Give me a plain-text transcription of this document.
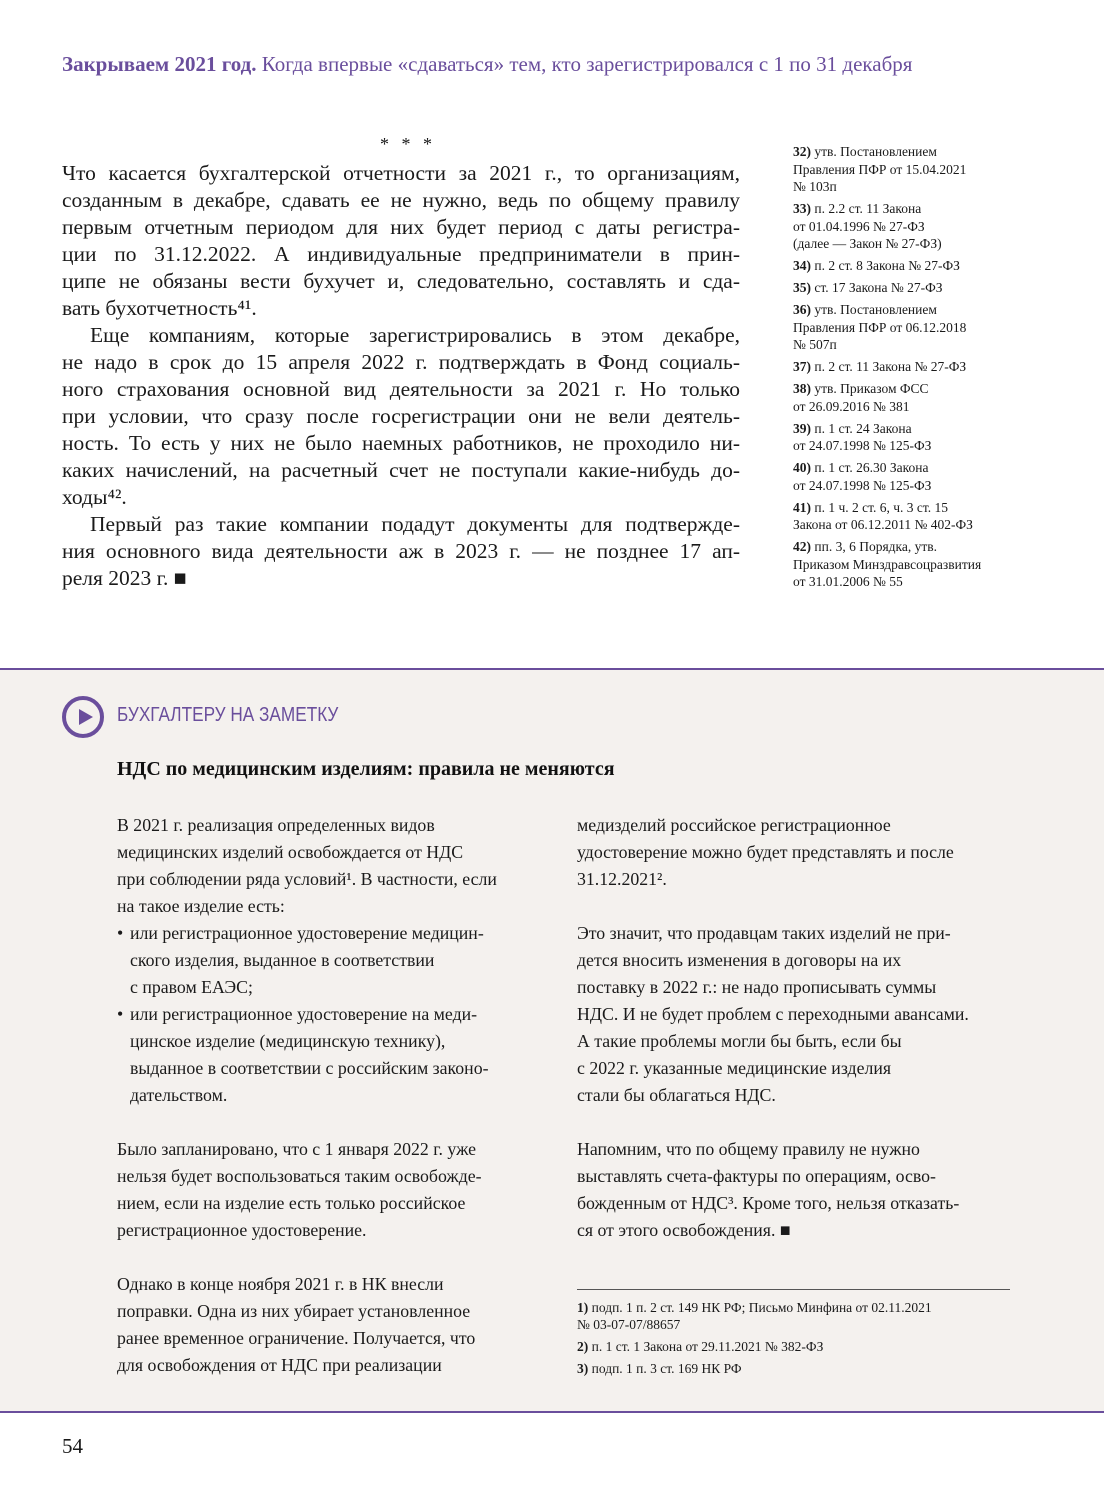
Закрываем 2021 год. Когда впервые «сдаваться» тем, кто зарегистрировался с 1 по 31 декабря
* * *
Что касается бухгалтерской отчетности за 2021 г., то организациям,
созданным в декабре, сдавать ее не нужно, ведь по общему правилу
первым отчетным периодом для них будет период с даты регистра-
ции по 31.12.2022. А индивидуальные предприниматели в прин-
ципе не обязаны вести бухучет и, следовательно, составлять и сда-
вать бухотчетность⁴¹.
Еще компаниям, которые зарегистрировались в этом декабре,
не надо в срок до 15 апреля 2022 г. подтверждать в Фонд социаль-
ного страхования основной вид деятельности за 2021 г. Но только
при условии, что сразу после госрегистрации они не вели деятель-
ность. То есть у них не было наемных работников, не проходило ни-
каких начислений, на расчетный счет не поступали какие-нибудь до-
ходы⁴².
Первый раз такие компании подадут документы для подтвержде-
ния основного вида деятельности аж в 2023 г. — не позднее 17 ап-
реля 2023 г. ■
32) утв. Постановлением
Правления ПФР от 15.04.2021
№ 103п
33) п. 2.2 ст. 11 Закона
от 01.04.1996 № 27-ФЗ
(далее — Закон № 27-ФЗ)
34) п. 2 ст. 8 Закона № 27-ФЗ
35) ст. 17 Закона № 27-ФЗ
36) утв. Постановлением
Правления ПФР от 06.12.2018
№ 507п
37) п. 2 ст. 11 Закона № 27-ФЗ
38) утв. Приказом ФСС
от 26.09.2016 № 381
39) п. 1 ст. 24 Закона
от 24.07.1998 № 125-ФЗ
40) п. 1 ст. 26.30 Закона
от 24.07.1998 № 125-ФЗ
41) п. 1 ч. 2 ст. 6, ч. 3 ст. 15
Закона от 06.12.2011 № 402-ФЗ
42) пп. 3, 6 Порядка, утв.
Приказом Минздравсоцразвития
от 31.01.2006 № 55
БУХГАЛТЕРУ НА ЗАМЕТКУ
НДС по медицинским изделиям: правила не меняются
В 2021 г. реализация определенных видов
медицинских изделий освобождается от НДС
при соблюдении ряда условий¹. В частности, если
на такое изделие есть:
• или регистрационное удостоверение медицин-
ского изделия, выданное в соответствии
с правом ЕАЭС;
• или регистрационное удостоверение на меди-
цинское изделие (медицинскую технику),
выданное в соответствии с российским законо-
дательством.
Было запланировано, что с 1 января 2022 г. уже
нельзя будет воспользоваться таким освобожде-
нием, если на изделие есть только российское
регистрационное удостоверение.
Однако в конце ноября 2021 г. в НК внесли
поправки. Одна из них убирает установленное
ранее временное ограничение. Получается, что
для освобождения от НДС при реализации
медизделий российское регистрационное
удостоверение можно будет представлять и после
31.12.2021².
Это значит, что продавцам таких изделий не при-
дется вносить изменения в договоры на их
поставку в 2022 г.: не надо прописывать суммы
НДС. И не будет проблем с переходными авансами.
А такие проблемы могли бы быть, если бы
с 2022 г. указанные медицинские изделия
стали бы облагаться НДС.
Напомним, что по общему правилу не нужно
выставлять счета-фактуры по операциям, осво-
божденным от НДС³. Кроме того, нельзя отказать-
ся от этого освобождения. ■
1) подп. 1 п. 2 ст. 149 НК РФ; Письмо Минфина от 02.11.2021
№ 03-07-07/88657
2) п. 1 ст. 1 Закона от 29.11.2021 № 382-ФЗ
3) подп. 1 п. 3 ст. 169 НК РФ
54
